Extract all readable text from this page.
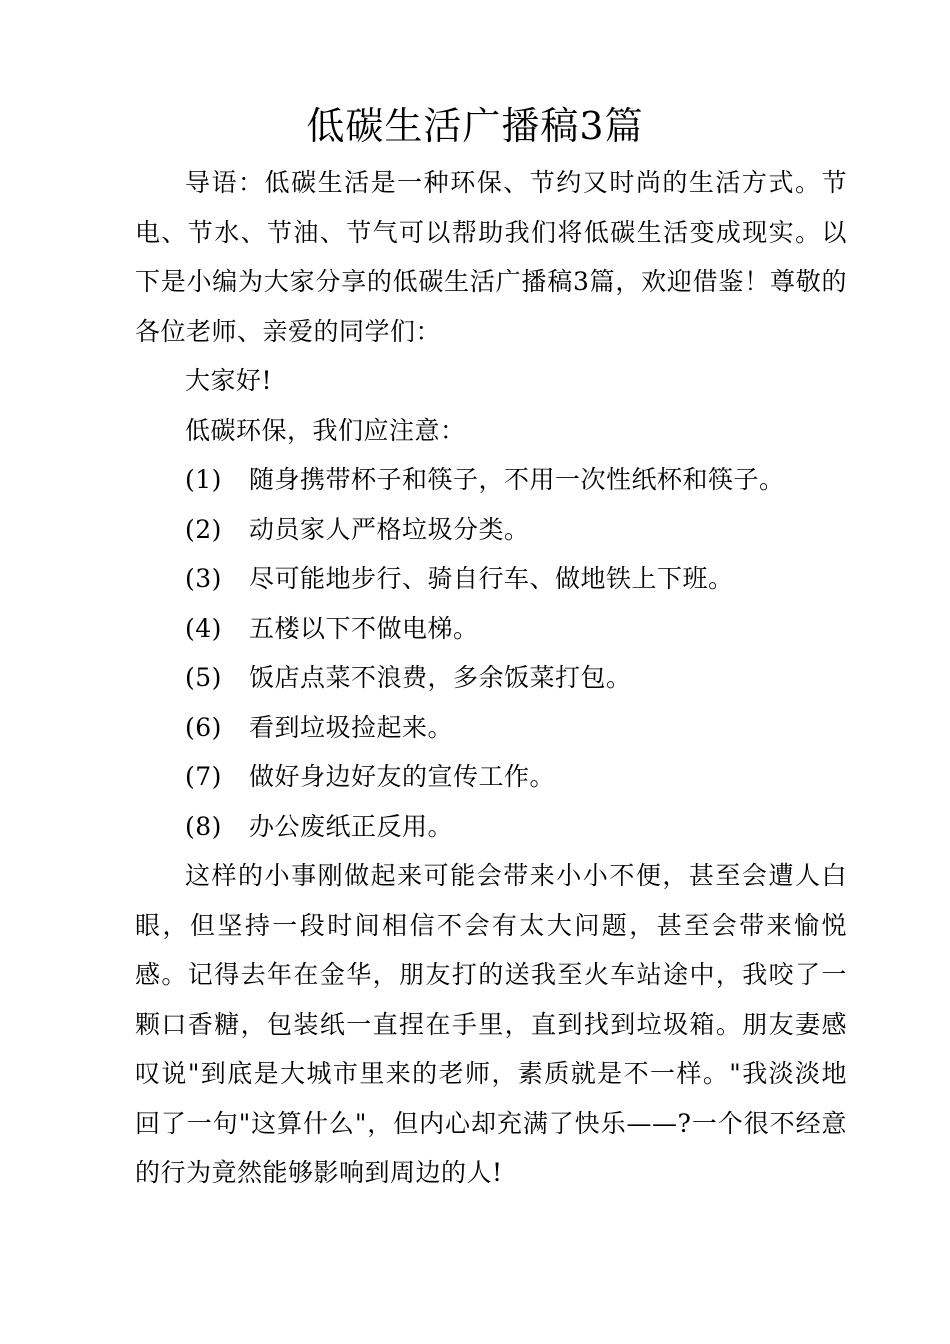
低碳生活广播稿3篇

导语：低碳生活是一种环保、节约又时尚的生活方式。节电、节水、节油、节气可以帮助我们将低碳生活变成现实。以下是小编为大家分享的低碳生活广播稿3篇，欢迎借鉴！尊敬的各位老师、亲爱的同学们：

大家好!

低碳环保，我们应注意：

(1) 随身携带杯子和筷子，不用一次性纸杯和筷子。

(2) 动员家人严格垃圾分类。

(3) 尽可能地步行、骑自行车、做地铁上下班。

(4) 五楼以下不做电梯。

(5) 饭店点菜不浪费，多余饭菜打包。

(6) 看到垃圾捡起来。

(7) 做好身边好友的宣传工作。

(8) 办公废纸正反用。

这样的小事刚做起来可能会带来小小不便，甚至会遭人白眼，但坚持一段时间相信不会有太大问题，甚至会带来愉悦感。记得去年在金华，朋友打的送我至火车站途中，我咬了一颗口香糖，包装纸一直捏在手里，直到找到垃圾箱。朋友妻感叹说"到底是大城市里来的老师，素质就是不一样。"我淡淡地回了一句"这算什么"，但内心却充满了快乐——?一个很不经意的行为竟然能够影响到周边的人!
